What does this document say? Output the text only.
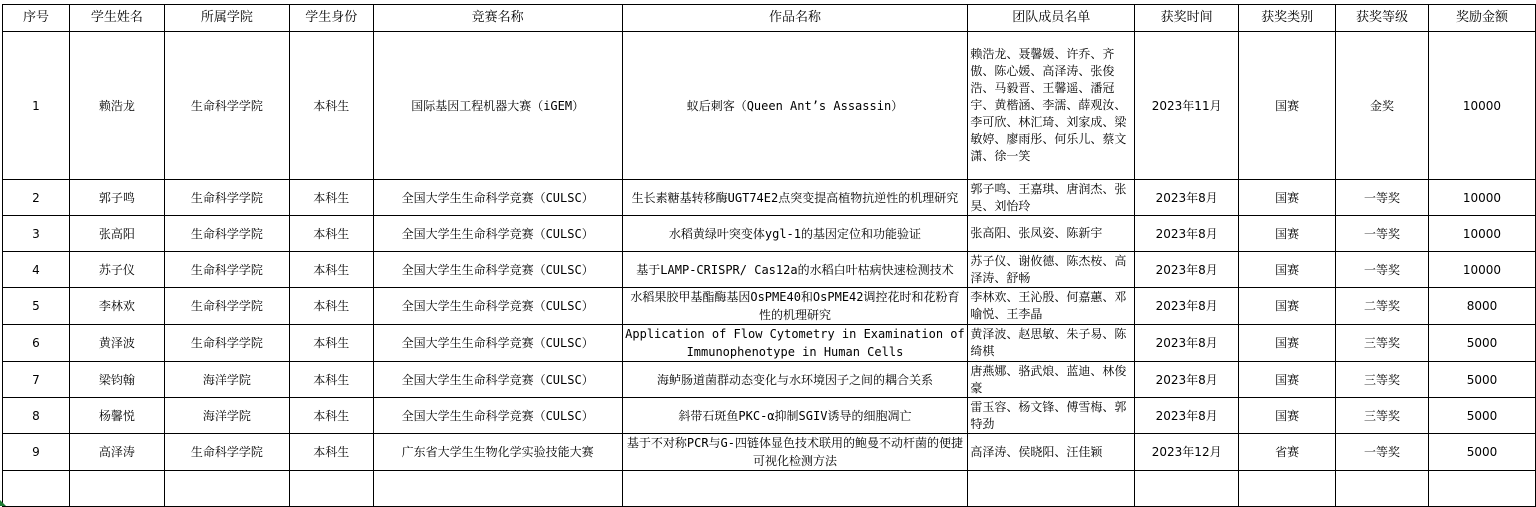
序号	学生姓名	所属学院	学生身份	竞赛名称	作品名称	团队成员名单	获奖时间	获奖类别	获奖等级	奖励金额
1	赖浩龙	生命科学学院	本科生	国际基因工程机器大赛（iGEM）	蚁后刺客（Queen Ant’s Assassin）	赖浩龙、聂馨媛、许乔、齐傲、陈心媛、高泽涛、张俊浩、马毅晋、王馨遥、潘冠宇、黄楷涵、李濡、薛观汝、李可欣、林汇琦、刘家成、梁敏婷、廖雨彤、何乐儿、蔡文潇、徐一笑	2023年11月	国赛	金奖	10000
2	郭子鸣	生命科学学院	本科生	全国大学生生命科学竞赛（CULSC）	生长素糖基转移酶UGT74E2点突变提高植物抗逆性的机理研究	郭子鸣、王嘉琪、唐润杰、张昊、刘怡玲	2023年8月	国赛	一等奖	10000
3	张高阳	生命科学学院	本科生	全国大学生生命科学竞赛（CULSC）	水稻黄绿叶突变体ygl-1的基因定位和功能验证	张高阳、张凤姿、陈新宇	2023年8月	国赛	一等奖	10000
4	苏子仪	生命科学学院	本科生	全国大学生生命科学竞赛（CULSC）	基于LAMP-CRISPR/ Cas12a的水稻白叶枯病快速检测技术	苏子仪、谢攸德、陈杰桉、高泽涛、舒畅	2023年8月	国赛	一等奖	10000
5	李林欢	生命科学学院	本科生	全国大学生生命科学竞赛（CULSC）	水稻果胶甲基酯酶基因OsPME40和OsPME42调控花时和花粉育性的机理研究	李林欢、王沁殷、何嘉蕙、邓喻悦、王李晶	2023年8月	国赛	二等奖	8000
6	黄泽波	生命科学学院	本科生	全国大学生生命科学竞赛（CULSC）	Application of Flow Cytometry in Examination of Immunophenotype in Human Cells	黄泽波、赵思敏、朱子易、陈绮棋	2023年8月	国赛	三等奖	5000
7	梁钧翰	海洋学院	本科生	全国大学生生命科学竞赛（CULSC）	海鲈肠道菌群动态变化与水环境因子之间的耦合关系	唐燕娜、骆武烺、蓝迪、林俊豪	2023年8月	国赛	三等奖	5000
8	杨馨悦	海洋学院	本科生	全国大学生生命科学竞赛（CULSC）	斜带石斑鱼PKC-α抑制SGIV诱导的细胞凋亡	雷玉容、杨文锋、傅雪梅、郭特劲	2023年8月	国赛	三等奖	5000
9	高泽涛	生命科学学院	本科生	广东省大学生生物化学实验技能大赛	基于不对称PCR与G-四链体显色技术联用的鲍曼不动杆菌的便捷可视化检测方法	高泽涛、侯晓阳、汪佳颖	2023年12月	省赛	一等奖	5000
